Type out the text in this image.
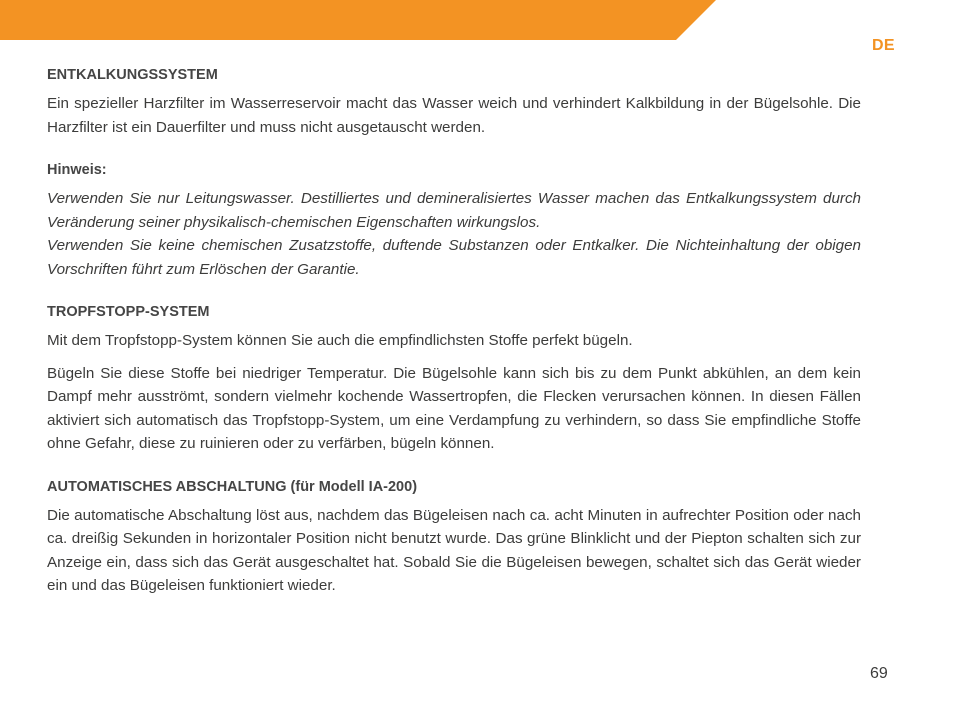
DE
ENTKALKUNGSSYSTEM

Ein spezieller Harzfilter im Wasserreservoir macht das Wasser weich und verhindert Kalkbildung in der Bügelsohle. Die Harzfilter ist ein Dauerfilter und muss nicht ausgetauscht werden.

Hinweis:

Verwenden Sie nur Leitungswasser. Destilliertes und demineralisiertes Wasser machen das Entkalkungssystem durch Veränderung seiner physikalisch-chemischen Eigenschaften wirkungslos.

Verwenden Sie keine chemischen Zusatzstoffe, duftende Substanzen oder Entkalker. Die Nichteinhaltung der obigen Vorschriften führt zum Erlöschen der Garantie.

TROPFSTOPP-SYSTEM

Mit dem Tropfstopp-System können Sie auch die empfindlichsten Stoffe perfekt bügeln.

Bügeln Sie diese Stoffe bei niedriger Temperatur. Die Bügelsohle kann sich bis zu dem Punkt abkühlen, an dem kein Dampf mehr ausströmt, sondern vielmehr kochende Wassertropfen, die Flecken verursachen können. In diesen Fällen aktiviert sich automatisch das Tropfstopp-System, um eine Verdampfung zu verhindern, so dass Sie empfindliche Stoffe ohne Gefahr, diese zu ruinieren oder zu verfärben, bügeln können.

AUTOMATISCHES ABSCHALTUNG (für Modell IA-200)

Die automatische Abschaltung löst aus, nachdem das Bügeleisen nach ca. acht Minuten in aufrechter Position oder nach ca. dreißig Sekunden in horizontaler Position nicht benutzt wurde. Das grüne Blinklicht und der Piepton schalten sich zur Anzeige ein, dass sich das Gerät ausgeschaltet hat. Sobald Sie die Bügeleisen bewegen, schaltet sich das Gerät wieder ein und das Bügeleisen funktioniert wieder.

69
